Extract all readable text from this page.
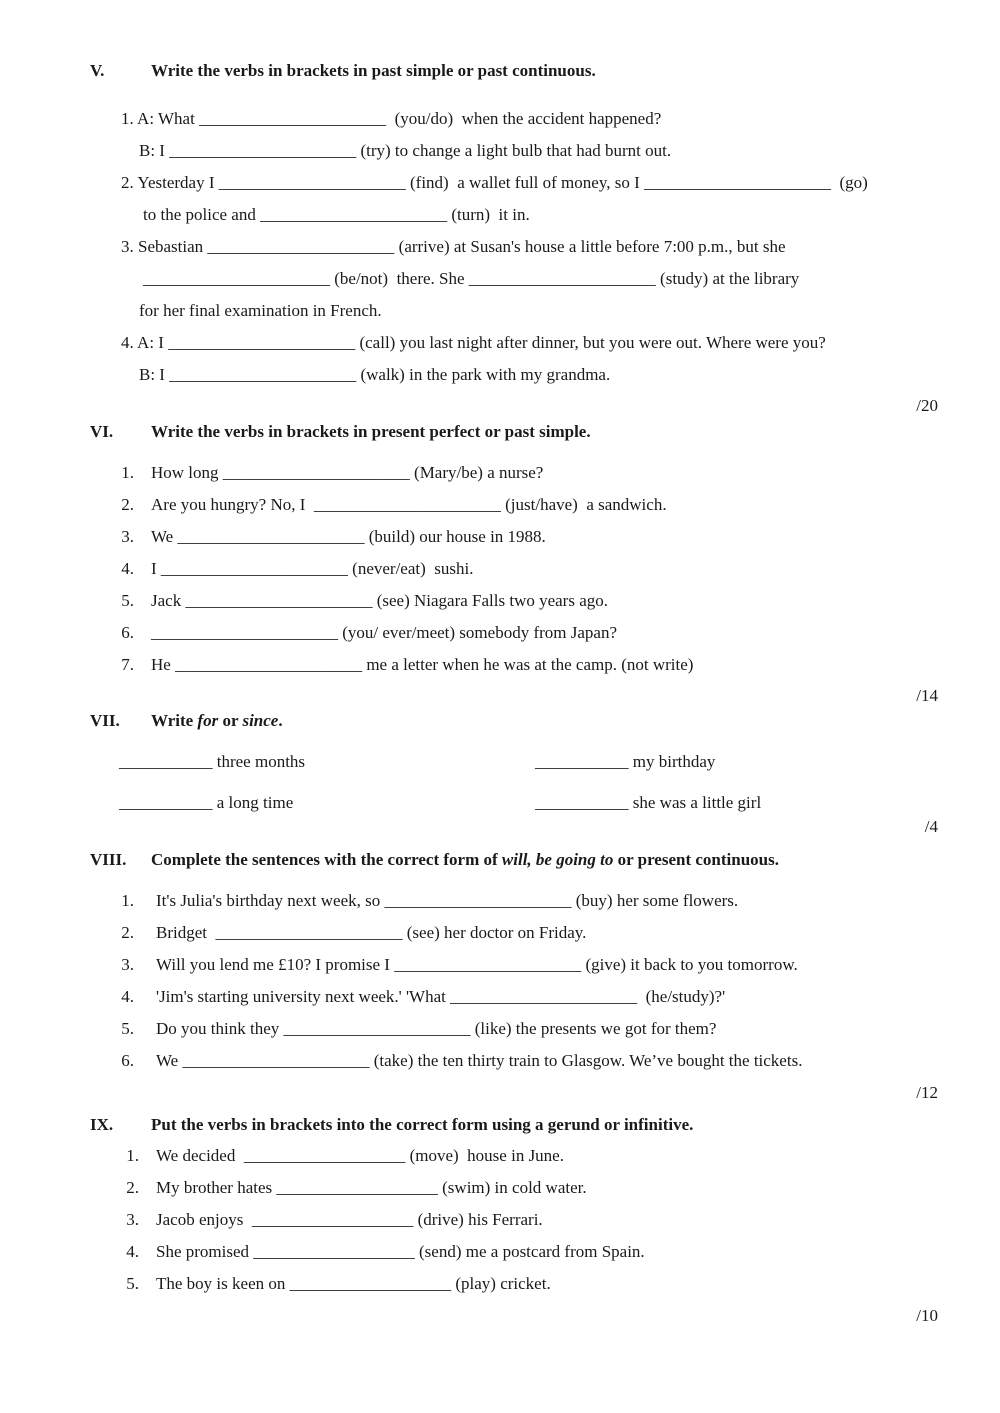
V.	Write the verbs in brackets in past simple or past continuous.
1. A: What ______________________  (you/do)  when the accident happened?
B: I ______________________ (try) to change a light bulb that had burnt out.
2. Yesterday I ______________________ (find)  a wallet full of money, so I ______________________  (go)
to the police and ______________________ (turn)  it in.
3. Sebastian ______________________ (arrive) at Susan's house a little before 7:00 p.m., but she
______________________ (be/not)  there. She ______________________ (study) at the library
for her final examination in French.
4. A: I ______________________ (call) you last night after dinner, but you were out. Where were you?
B: I ______________________ (walk) in the park with my grandma.
/20
VI. Write the verbs in brackets in present perfect or past simple.
1. How long ______________________ (Mary/be) a nurse?
2. Are you hungry? No, I  ______________________ (just/have)  a sandwich.
3. We ______________________ (build) our house in 1988.
4. I ______________________ (never/eat)  sushi.
5. Jack ______________________ (see) Niagara Falls two years ago.
6. ______________________ (you/ ever/meet) somebody from Japan?
7. He ______________________ me a letter when he was at the camp. (not write)
/14
VII. Write for or since.
___________ three months	___________ my birthday
___________ a long time	___________ she was a little girl
/4
VIII. Complete the sentences with the correct form of will, be going to or present continuous.
1. It's Julia's birthday next week, so ______________________ (buy) her some flowers.
2. Bridget  ______________________ (see) her doctor on Friday.
3. Will you lend me £10? I promise I ______________________ (give) it back to you tomorrow.
4. 'Jim's starting university next week.' 'What ______________________  (he/study)?'
5. Do you think they ______________________ (like) the presents we got for them?
6. We ______________________ (take) the ten thirty train to Glasgow. We’ve bought the tickets.
/12
IX. Put the verbs in brackets into the correct form using a gerund or infinitive.
1. We decided  ___________________ (move)  house in June.
2. My brother hates ___________________ (swim) in cold water.
3. Jacob enjoys  ___________________ (drive) his Ferrari.
4. She promised ___________________ (send) me a postcard from Spain.
5. The boy is keen on ___________________ (play) cricket.
/10
